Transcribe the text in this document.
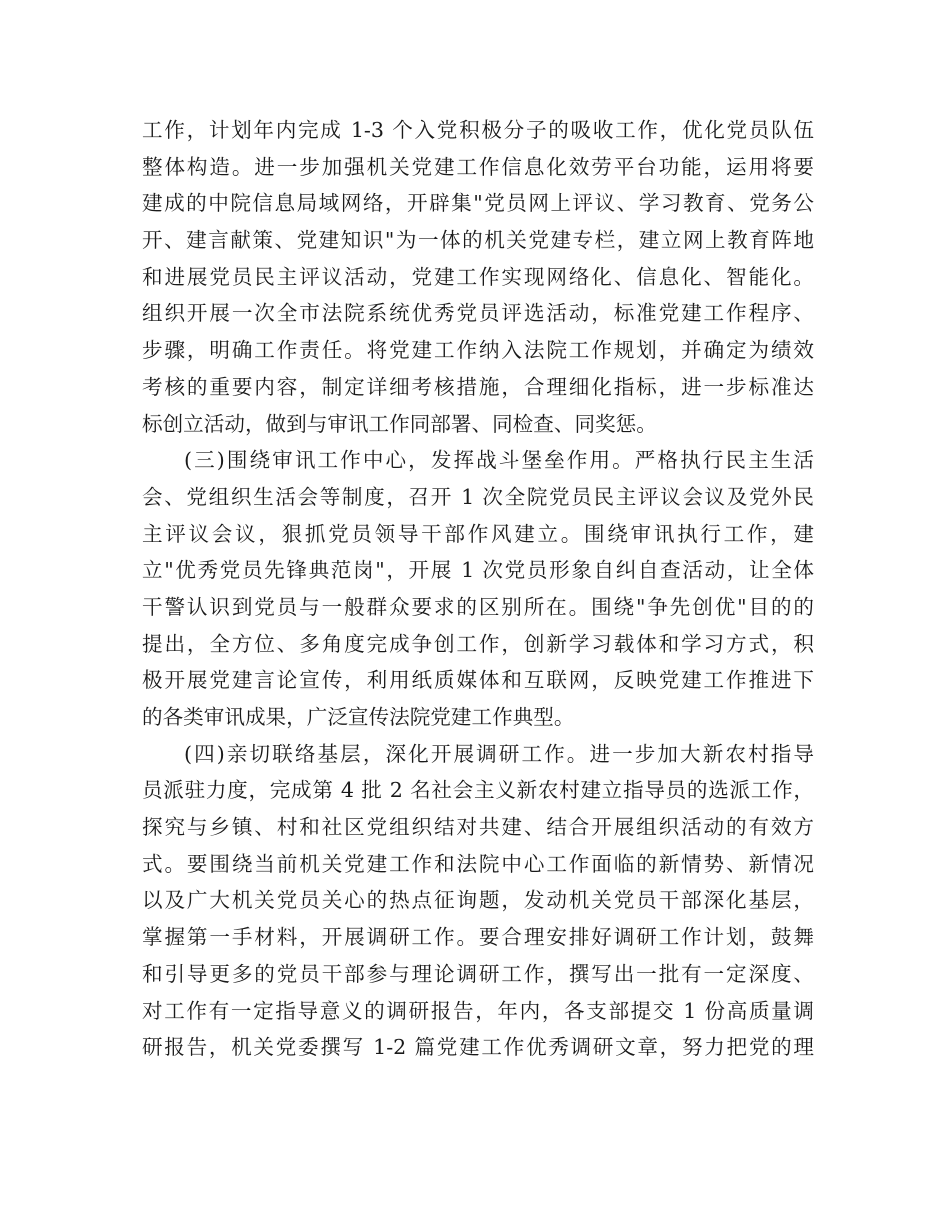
工作，计划年内完成 1-3 个入党积极分子的吸收工作，优化党员队伍
整体构造。进一步加强机关党建工作信息化效劳平台功能，运用将要
建成的中院信息局域网络，开辟集"党员网上评议、学习教育、党务公
开、建言献策、党建知识"为一体的机关党建专栏，建立网上教育阵地
和进展党员民主评议活动，党建工作实现网络化、信息化、智能化。
组织开展一次全市法院系统优秀党员评选活动，标准党建工作程序、
步骤，明确工作责任。将党建工作纳入法院工作规划，并确定为绩效
考核的重要内容，制定详细考核措施，合理细化指标，进一步标准达
标创立活动，做到与审讯工作同部署、同检查、同奖惩。
(三)围绕审讯工作中心，发挥战斗堡垒作用。严格执行民主生活
会、党组织生活会等制度，召开 1 次全院党员民主评议会议及党外民
主评议会议，狠抓党员领导干部作风建立。围绕审讯执行工作，建
立"优秀党员先锋典范岗"，开展 1 次党员形象自纠自查活动，让全体
干警认识到党员与一般群众要求的区别所在。围绕"争先创优"目的的
提出，全方位、多角度完成争创工作，创新学习载体和学习方式，积
极开展党建言论宣传，利用纸质媒体和互联网，反映党建工作推进下
的各类审讯成果，广泛宣传法院党建工作典型。
(四)亲切联络基层，深化开展调研工作。进一步加大新农村指导
员派驻力度，完成第 4 批 2 名社会主义新农村建立指导员的选派工作，
探究与乡镇、村和社区党组织结对共建、结合开展组织活动的有效方
式。要围绕当前机关党建工作和法院中心工作面临的新情势、新情况
以及广大机关党员关心的热点征询题，发动机关党员干部深化基层，
掌握第一手材料，开展调研工作。要合理安排好调研工作计划，鼓舞
和引导更多的党员干部参与理论调研工作，撰写出一批有一定深度、
对工作有一定指导意义的调研报告，年内，各支部提交 1 份高质量调
研报告，机关党委撰写 1-2 篇党建工作优秀调研文章，努力把党的理
